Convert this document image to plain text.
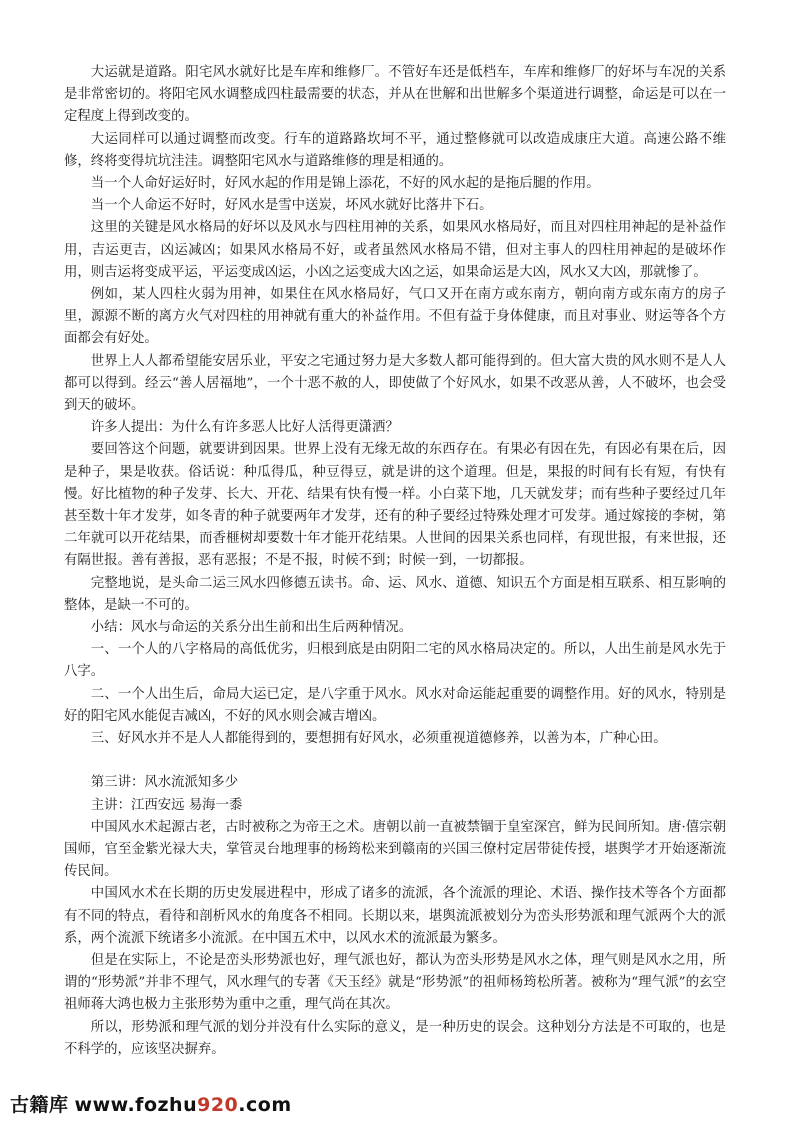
大运就是道路。阳宅风水就好比是车库和维修厂。不管好车还是低档车，车库和维修厂的好坏与车况的关系是非常密切的。将阳宅风水调整成四柱最需要的状态，并从在世解和出世解多个渠道进行调整，命运是可以在一定程度上得到改变的。

大运同样可以通过调整而改变。行车的道路路坎坷不平，通过整修就可以改造成康庄大道。高速公路不维修，终将变得坑坑洼洼。调整阳宅风水与道路维修的理是相通的。

当一个人命好运好时，好风水起的作用是锦上添花，不好的风水起的是拖后腿的作用。

当一个人命运不好时，好风水是雪中送炭，坏风水就好比落井下石。

这里的关键是风水格局的好坏以及风水与四柱用神的关系，如果风水格局好，而且对四柱用神起的是补益作用，吉运更吉，凶运减凶；如果风水格局不好，或者虽然风水格局不错，但对主事人的四柱用神起的是破坏作用，则吉运将变成平运，平运变成凶运，小凶之运变成大凶之运，如果命运是大凶，风水又大凶，那就惨了。

例如，某人四柱火弱为用神，如果住在风水格局好，气口又开在南方或东南方，朝向南方或东南方的房子里，源源不断的离方火气对四柱的用神就有重大的补益作用。不但有益于身体健康，而且对事业、财运等各个方面都会有好处。

世界上人人都希望能安居乐业，平安之宅通过努力是大多数人都可能得到的。但大富大贵的风水则不是人人都可以得到。经云“善人居福地”，一个十恶不赦的人，即使做了个好风水，如果不改恶从善，人不破坏，也会受到天的破坏。

许多人提出：为什么有许多恶人比好人活得更潇洒？

要回答这个问题，就要讲到因果。世界上没有无缘无故的东西存在。有果必有因在先，有因必有果在后，因是种子，果是收获。俗话说：种瓜得瓜，种豆得豆，就是讲的这个道理。但是，果报的时间有长有短，有快有慢。好比植物的种子发芽、长大、开花、结果有快有慢一样。小白菜下地，几天就发芽；而有些种子要经过几年甚至数十年才发芽，如冬青的种子就要两年才发芽，还有的种子要经过特殊处理才可发芽。通过嫁接的李树，第二年就可以开花结果，而香榧树却要数十年才能开花结果。人世间的因果关系也同样，有现世报，有来世报，还有隔世报。善有善报，恶有恶报；不是不报，时候不到；时候一到，一切都报。

完整地说，是头命二运三风水四修德五读书。命、运、风水、道德、知识五个方面是相互联系、相互影响的整体，是缺一不可的。

小结：风水与命运的关系分出生前和出生后两种情况。

一、一个人的八字格局的高低优劣，归根到底是由阴阳二宅的风水格局决定的。所以，人出生前是风水先于八字。

二、一个人出生后，命局大运已定，是八字重于风水。风水对命运能起重要的调整作用。好的风水，特别是好的阳宅风水能促吉减凶，不好的风水则会减吉增凶。

三、好风水并不是人人都能得到的，要想拥有好风水，必须重视道德修养，以善为本，广种心田。

第三讲：风水流派知多少

主讲：江西安远 易海一黍

中国风水术起源古老，古时被称之为帝王之术。唐朝以前一直被禁锢于皇室深宫，鲜为民间所知。唐·僖宗朝国师，官至金紫光禄大夫，掌管灵台地理事的杨筠松来到赣南的兴国三僚村定居带徒传授，堪舆学才开始逐渐流传民间。

中国风水术在长期的历史发展进程中，形成了诸多的流派，各个流派的理论、术语、操作技术等各个方面都有不同的特点，看待和剖析风水的角度各不相同。长期以来，堪舆流派被划分为峦头形势派和理气派两个大的派系，两个流派下统诸多小流派。在中国五术中，以风水术的流派最为繁多。

但是在实际上，不论是峦头形势派也好，理气派也好，都认为峦头形势是风水之体，理气则是风水之用，所谓的“形势派”并非不理气，风水理气的专著《天玉经》就是“形势派”的祖师杨筠松所著。被称为“理气派”的玄空祖师蒋大鸿也极力主张形势为重中之重，理气尚在其次。

所以，形势派和理气派的划分并没有什么实际的意义，是一种历史的误会。这种划分方法是不可取的，也是不科学的，应该坚决摒弃。

古籍库 www.fozhu920.com
